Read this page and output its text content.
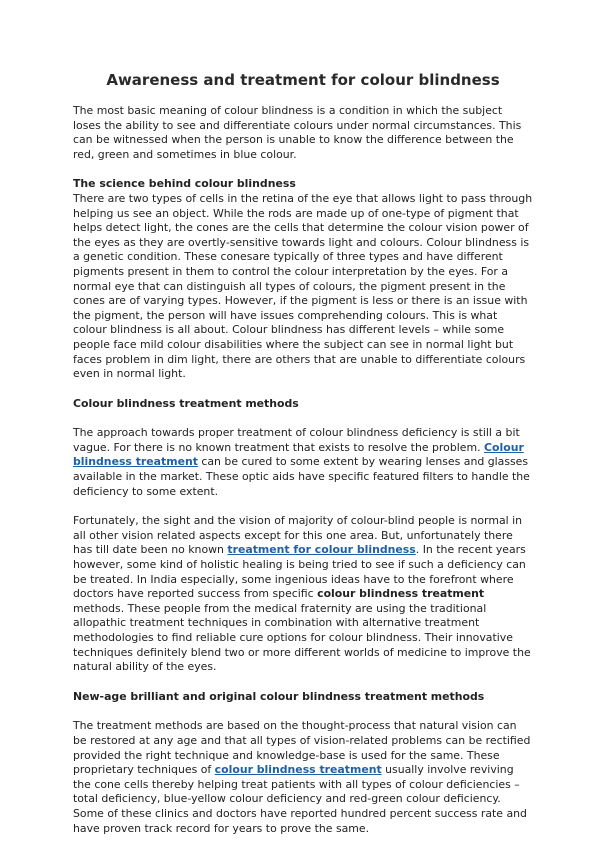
Awareness and treatment for colour blindness

The most basic meaning of colour blindness is a condition in which the subject loses the ability to see and differentiate colours under normal circumstances. This can be witnessed when the person is unable to know the difference between the red, green and sometimes in blue colour.

The science behind colour blindness

There are two types of cells in the retina of the eye that allows light to pass through helping us see an object. While the rods are made up of one-type of pigment that helps detect light, the cones are the cells that determine the colour vision power of the eyes as they are overtly-sensitive towards light and colours. Colour blindness is a genetic condition. These conesare typically of three types and have different pigments present in them to control the colour interpretation by the eyes. For a normal eye that can distinguish all types of colours, the pigment present in the cones are of varying types. However, if the pigment is less or there is an issue with the pigment, the person will have issues comprehending colours. This is what colour blindness is all about. Colour blindness has different levels – while some people face mild colour disabilities where the subject can see in normal light but faces problem in dim light, there are others that are unable to differentiate colours even in normal light.

Colour blindness treatment methods

The approach towards proper treatment of colour blindness deficiency is still a bit vague. For there is no known treatment that exists to resolve the problem. Colour blindness treatment can be cured to some extent by wearing lenses and glasses available in the market. These optic aids have specific featured filters to handle the deficiency to some extent.

Fortunately, the sight and the vision of majority of colour-blind people is normal in all other vision related aspects except for this one area. But, unfortunately there has till date been no known treatment for colour blindness. In the recent years however, some kind of holistic healing is being tried to see if such a deficiency can be treated. In India especially, some ingenious ideas have to the forefront where doctors have reported success from specific colour blindness treatment methods. These people from the medical fraternity are using the traditional allopathic treatment techniques in combination with alternative treatment methodologies to find reliable cure options for colour blindness. Their innovative techniques definitely blend two or more different worlds of medicine to improve the natural ability of the eyes.

New-age brilliant and original colour blindness treatment methods

The treatment methods are based on the thought-process that natural vision can be restored at any age and that all types of vision-related problems can be rectified provided the right technique and knowledge-base is used for the same. These proprietary techniques of colour blindness treatment usually involve reviving the cone cells thereby helping treat patients with all types of colour deficiencies – total deficiency, blue-yellow colour deficiency and red-green colour deficiency. Some of these clinics and doctors have reported hundred percent success rate and have proven track record for years to prove the same.
